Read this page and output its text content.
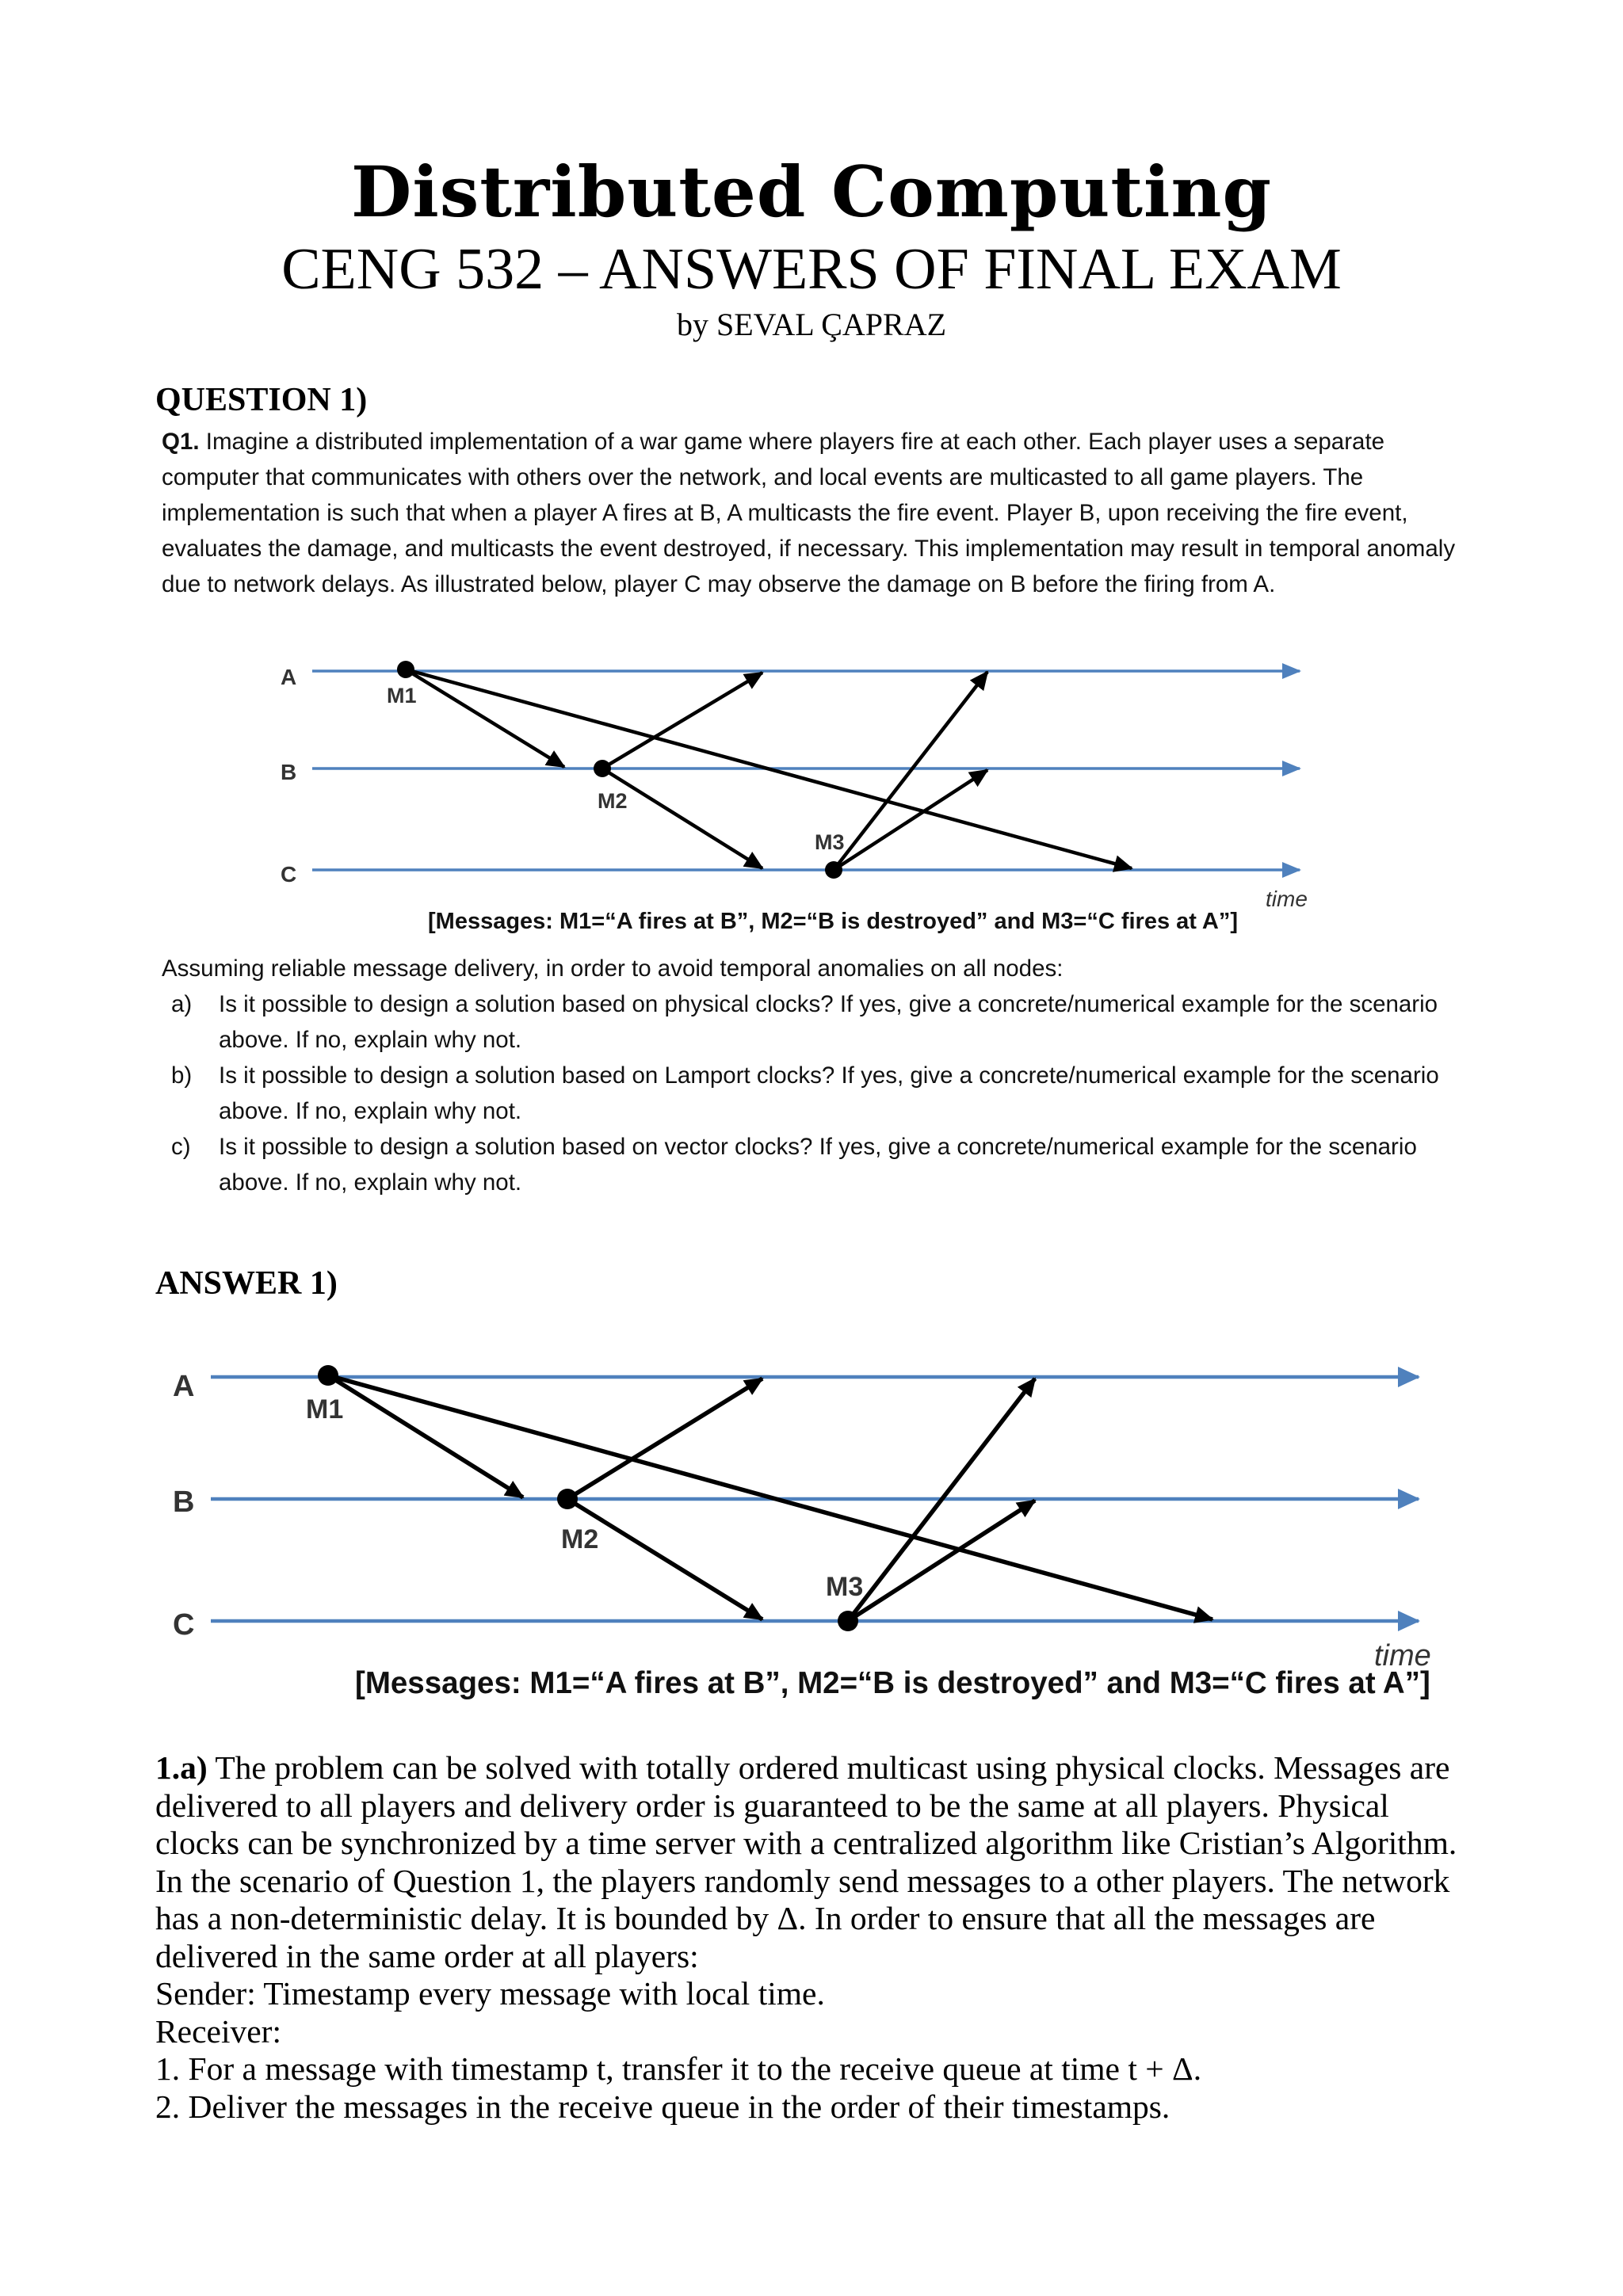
Distributed Computing
CENG 532 – ANSWERS OF FINAL EXAM
by SEVAL ÇAPRAZ
QUESTION 1)

Q1. Imagine a distributed implementation of a war game where players fire at each other. Each player uses a separate computer that communicates with others over the network, and local events are multicasted to all game players. The implementation is such that when a player A fires at B, A multicasts the fire event. Player B, upon receiving the fire event, evaluates the damage, and multicasts the event destroyed, if necessary. This implementation may result in temporal anomaly due to network delays. As illustrated below, player C may observe the damage on B before the firing from A.

A
B
C
M1
M2
M3
time
[Messages: M1=“A fires at B”, M2=“B is destroyed” and M3=“C fires at A”]

Assuming reliable message delivery, in order to avoid temporal anomalies on all nodes:

a) Is it possible to design a solution based on physical clocks? If yes, give a concrete/numerical example for the scenario above. If no, explain why not.
b) Is it possible to design a solution based on Lamport clocks? If yes, give a concrete/numerical example for the scenario above. If no, explain why not.
c) Is it possible to design a solution based on vector clocks? If yes, give a concrete/numerical example for the scenario above. If no, explain why not.
ANSWER 1)
A
B
C
M1
M2
M3
time
[Messages: M1=“A fires at B”, M2=“B is destroyed” and M3=“C fires at A”]

1.a) The problem can be solved with totally ordered multicast using physical clocks. Messages are delivered to all players and delivery order is guaranteed to be the same at all players. Physical clocks can be synchronized by a time server with a centralized algorithm like Cristian’s Algorithm. In the scenario of Question 1, the players randomly send messages to a other players. The network has a non-deterministic delay. It is bounded by Δ. In order to ensure that all the messages are delivered in the same order at all players:

Sender: Timestamp every message with local time.

Receiver:

1. For a message with timestamp t, transfer it to the receive queue at time t + Δ.

2. Deliver the messages in the receive queue in the order of their timestamps.
